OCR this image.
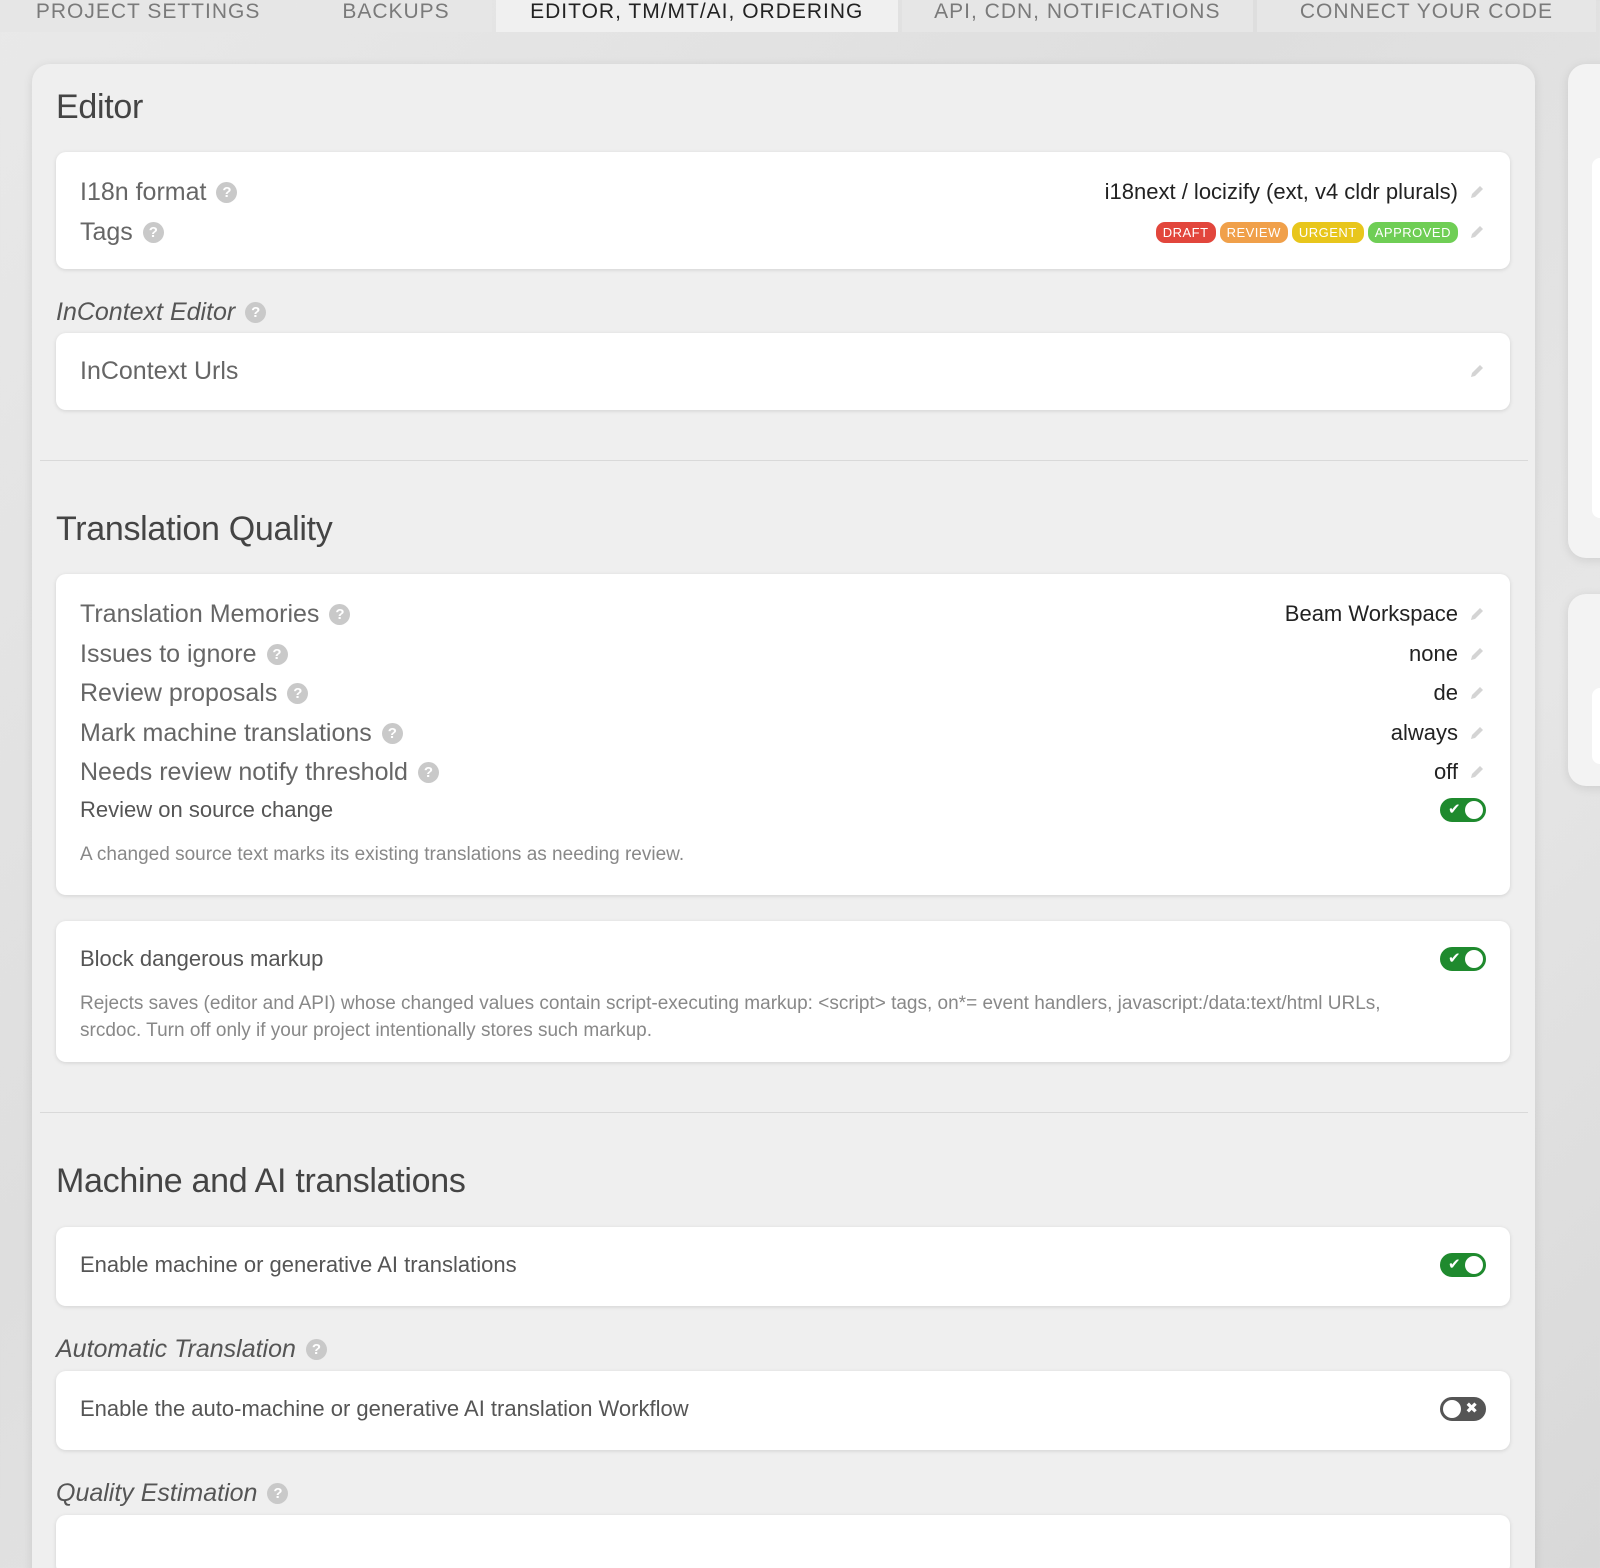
PROJECT SETTINGS	BACKUPS	EDITOR, TM/MT/AI, ORDERING	API, CDN, NOTIFICATIONS	CONNECT YOUR CODE
Editor
I18n format	?	i18next / locizify (ext, v4 cldr plurals)
Tags	?	DRAFT	REVIEW	URGENT	APPROVED
InContext Editor	?
InContext Urls
Translation Quality
Translation Memories	?	Beam Workspace
Issues to ignore	?	none
Review proposals	?	de
Mark machine translations	?	always
Needs review notify threshold	?	off
Review on source change	✔
A changed source text marks its existing translations as needing review.
Block dangerous markup	✔
Rejects saves (editor and API) whose changed values contain script-executing markup: <script> tags, on*= event handlers, javascript:/data:text/html URLs,
srcdoc. Turn off only if your project intentionally stores such markup.
Machine and AI translations
Enable machine or generative AI translations	✔
Automatic Translation	?
Enable the auto-machine or generative AI translation Workflow	✖
Quality Estimation	?
